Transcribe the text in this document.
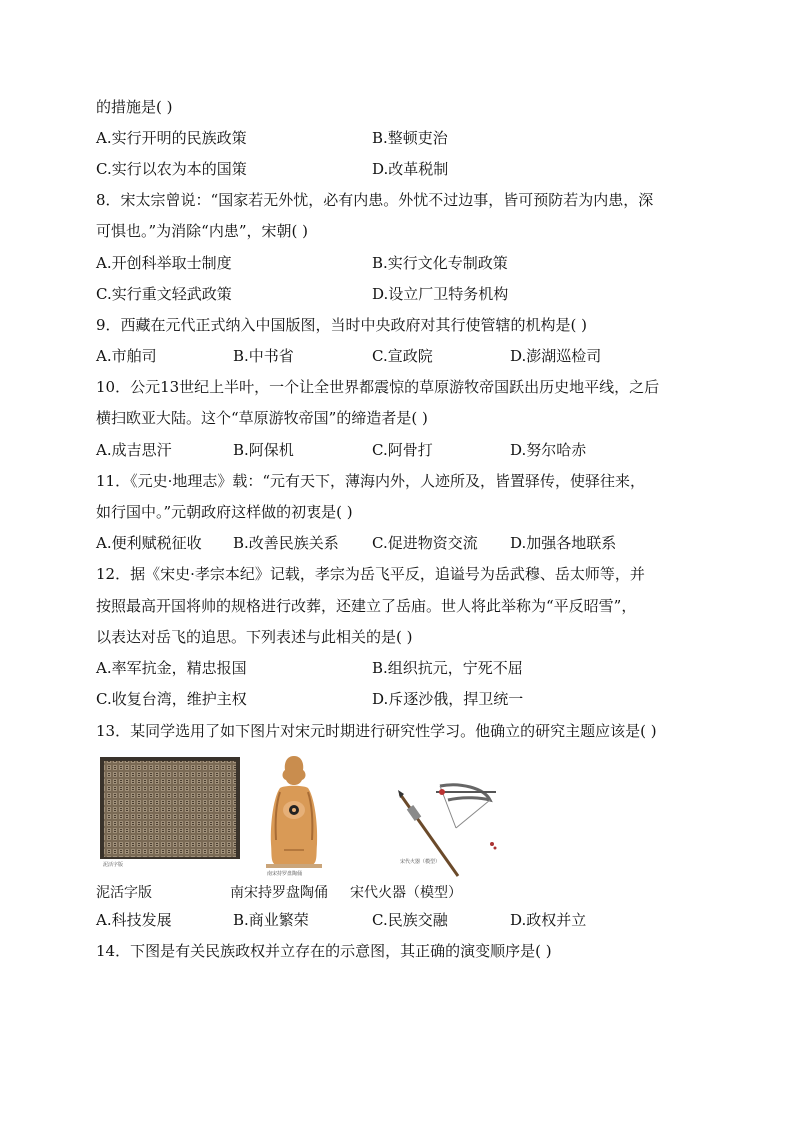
的措施是( )
A.实行开明的民族政策	B.整顿吏治
C.实行以农为本的国策	D.改革税制
8．宋太宗曾说：“国家若无外忧，必有内患。外忧不过边事，皆可预防若为内患，深
可惧也。”为消除“内患”，宋朝( )
A.开创科举取士制度	B.实行文化专制政策
C.实行重文轻武政策	D.设立厂卫特务机构
9．西藏在元代正式纳入中国版图，当时中央政府对其行使管辖的机构是( )
A.市舶司	B.中书省	C.宣政院	D.澎湖巡检司
10．公元13世纪上半叶，一个让全世界都震惊的草原游牧帝国跃出历史地平线，之后
横扫欧亚大陆。这个“草原游牧帝国”的缔造者是( )
A.成吉思汗	B.阿保机	C.阿骨打	D.努尔哈赤
11．《元史·地理志》载：“元有天下，薄海内外，人迹所及，皆置驿传，使驿往来，
如行国中。”元朝政府这样做的初衷是( )
A.便利赋税征收 B.改善民族关系 C.促进物资交流 D.加强各地联系
12．据《宋史·孝宗本纪》记载，孝宗为岳飞平反，追谥号为岳武穆、岳太师等，并
按照最高开国将帅的规格进行改葬，还建立了岳庙。世人将此举称为“平反昭雪”，
以表达对岳飞的追思。下列表述与此相关的是( )
A.率军抗金，精忠报国	B.组织抗元，宁死不屈
C.收复台湾，维护主权	D.斥逐沙俄，捍卫统一
13．某同学选用了如下图片对宋元时期进行研究性学习。他确立的研究主题应该是( )
泥活字版
南宋持罗盘陶俑
宋代火器（模型）
泥活字版	南宋持罗盘陶俑 宋代火器（模型）
A.科技发展	B.商业繁荣	C.民族交融	D.政权并立
14．下图是有关民族政权并立存在的示意图，其正确的演变顺序是( )
